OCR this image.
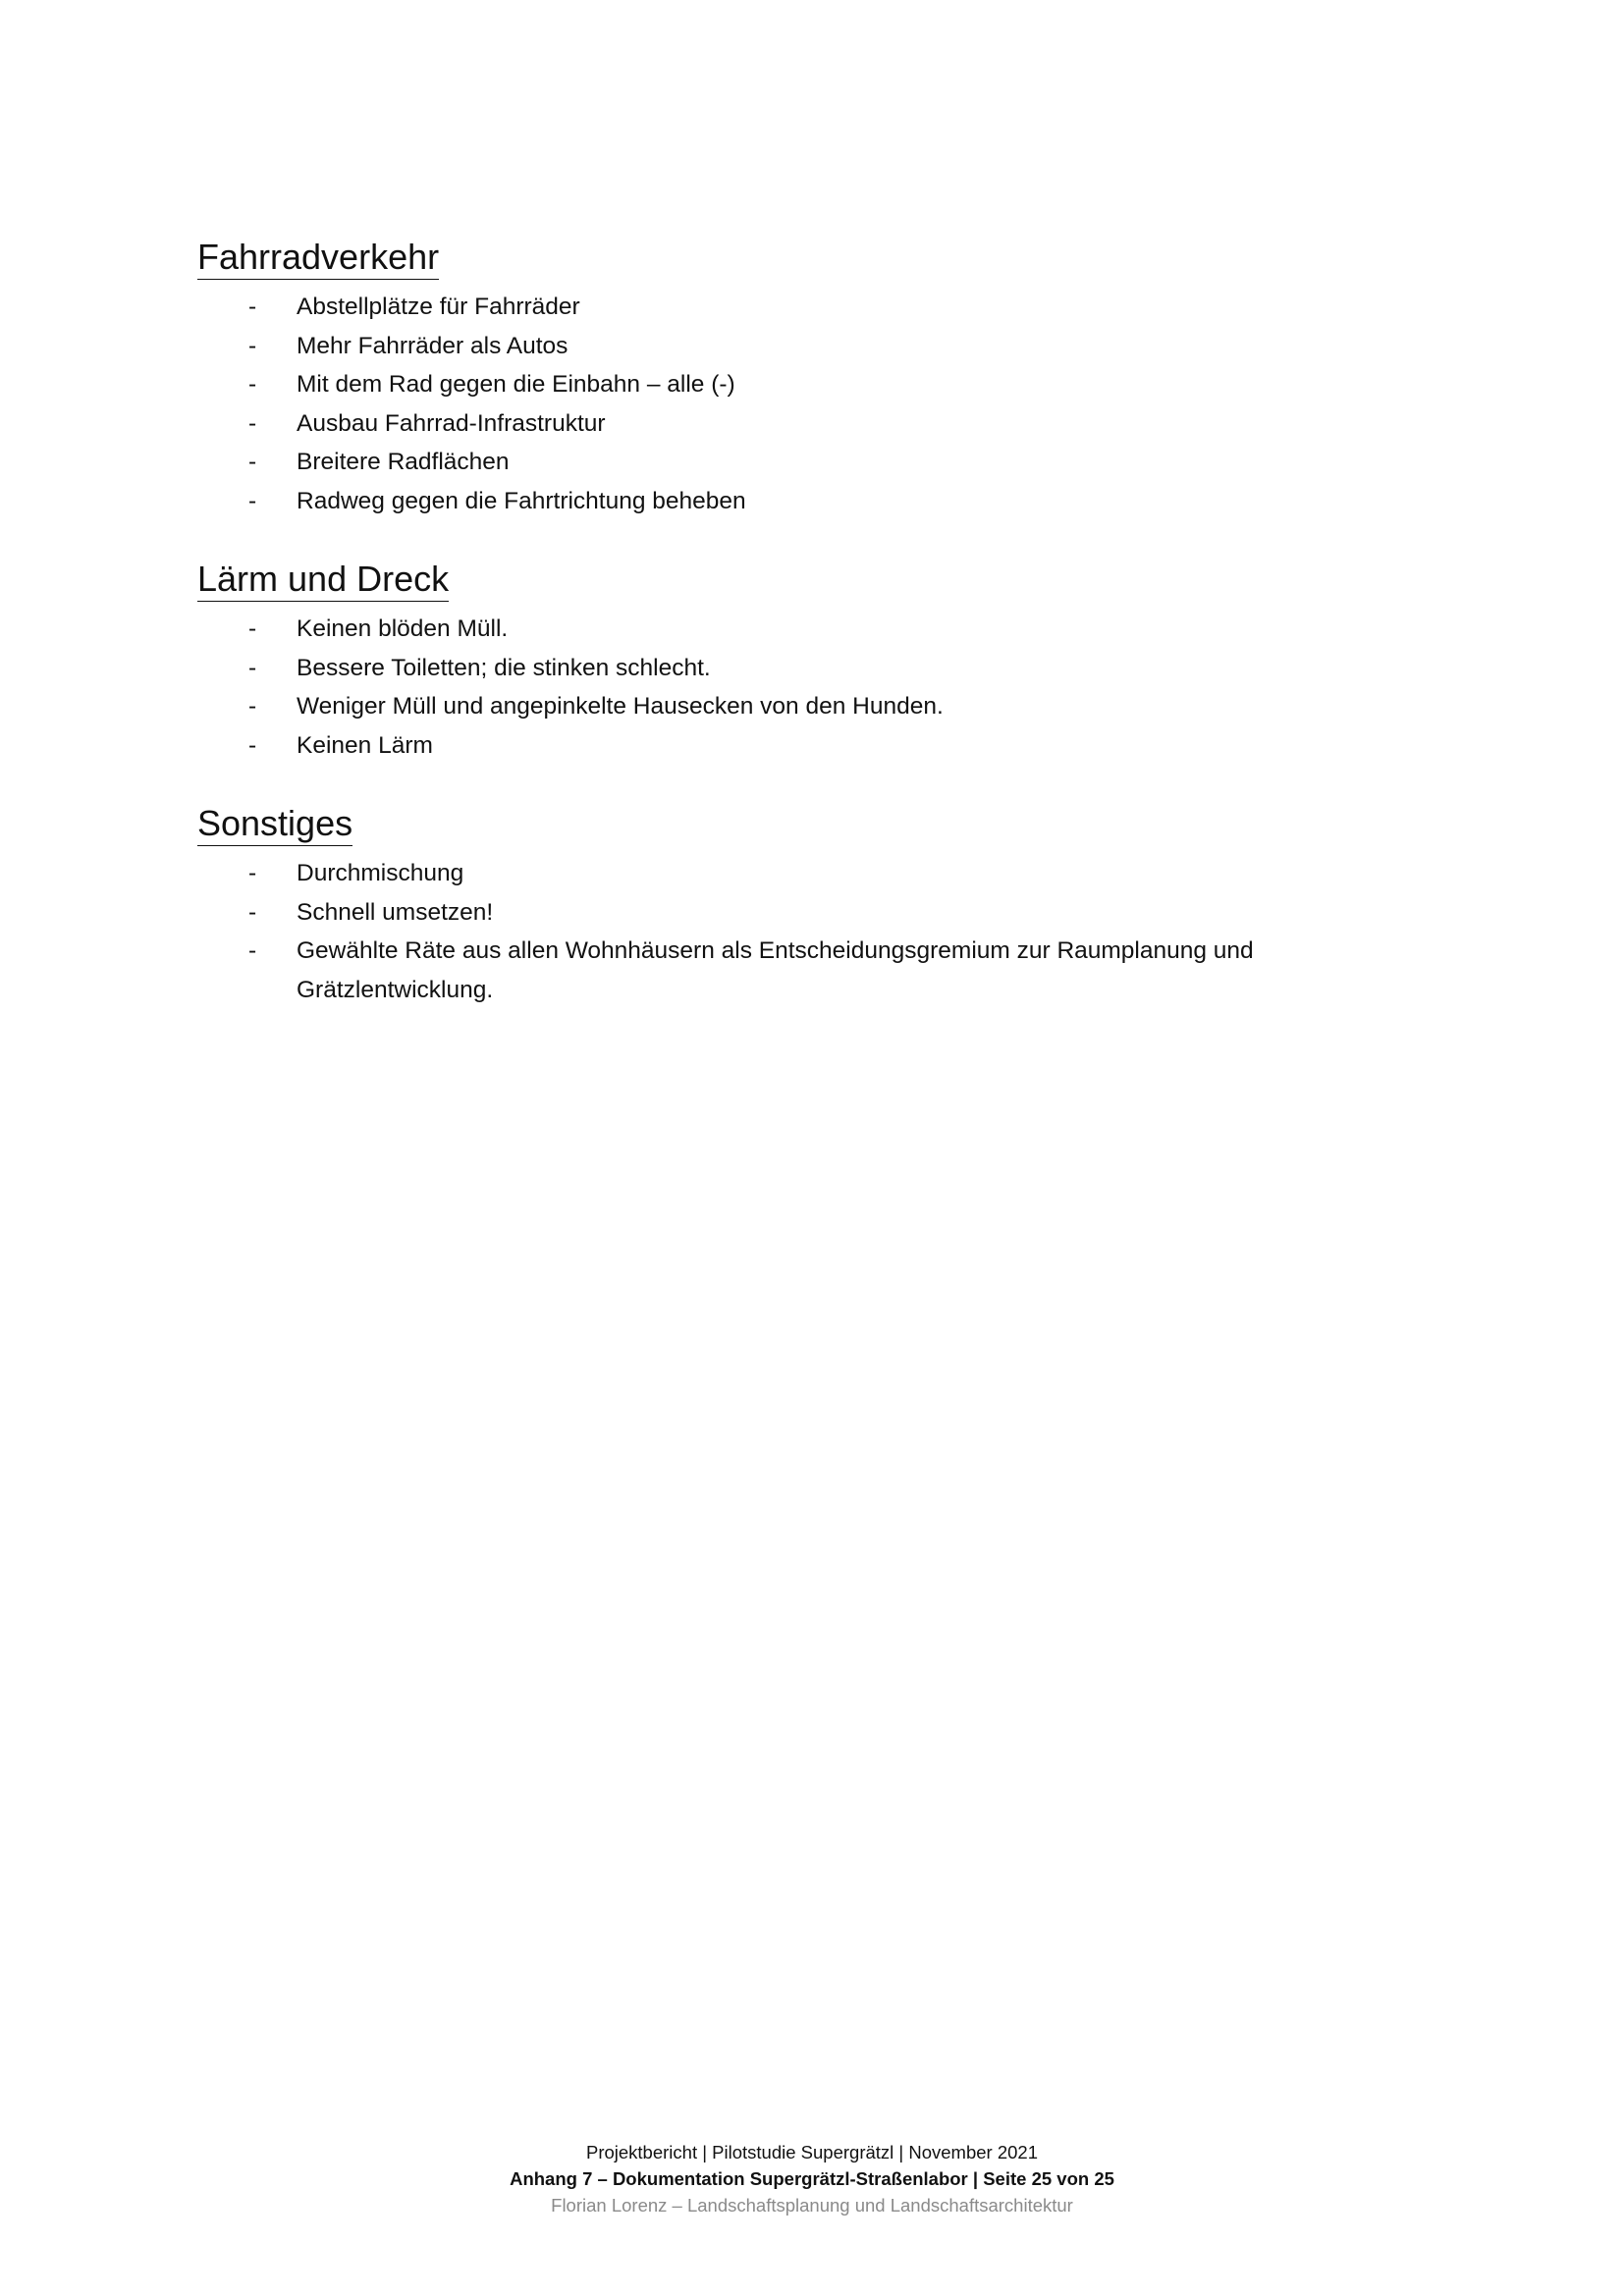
Fahrradverkehr
- Abstellplätze für Fahrräder
- Mehr Fahrräder als Autos
- Mit dem Rad gegen die Einbahn – alle (-)
- Ausbau Fahrrad-Infrastruktur
- Breitere Radflächen
- Radweg gegen die Fahrtrichtung beheben
Lärm und Dreck
- Keinen blöden Müll.
- Bessere Toiletten; die stinken schlecht.
- Weniger Müll und angepinkelte Hausecken von den Hunden.
- Keinen Lärm
Sonstiges
- Durchmischung
- Schnell umsetzen!
- Gewählte Räte aus allen Wohnhäusern als Entscheidungsgremium zur Raumplanung und Grätzlentwicklung.
Projektbericht | Pilotstudie Supergrätzl | November 2021
Anhang 7 – Dokumentation Supergrätzl-Straßenlabor | Seite 25 von 25
Florian Lorenz – Landschaftsplanung und Landschaftsarchitektur
